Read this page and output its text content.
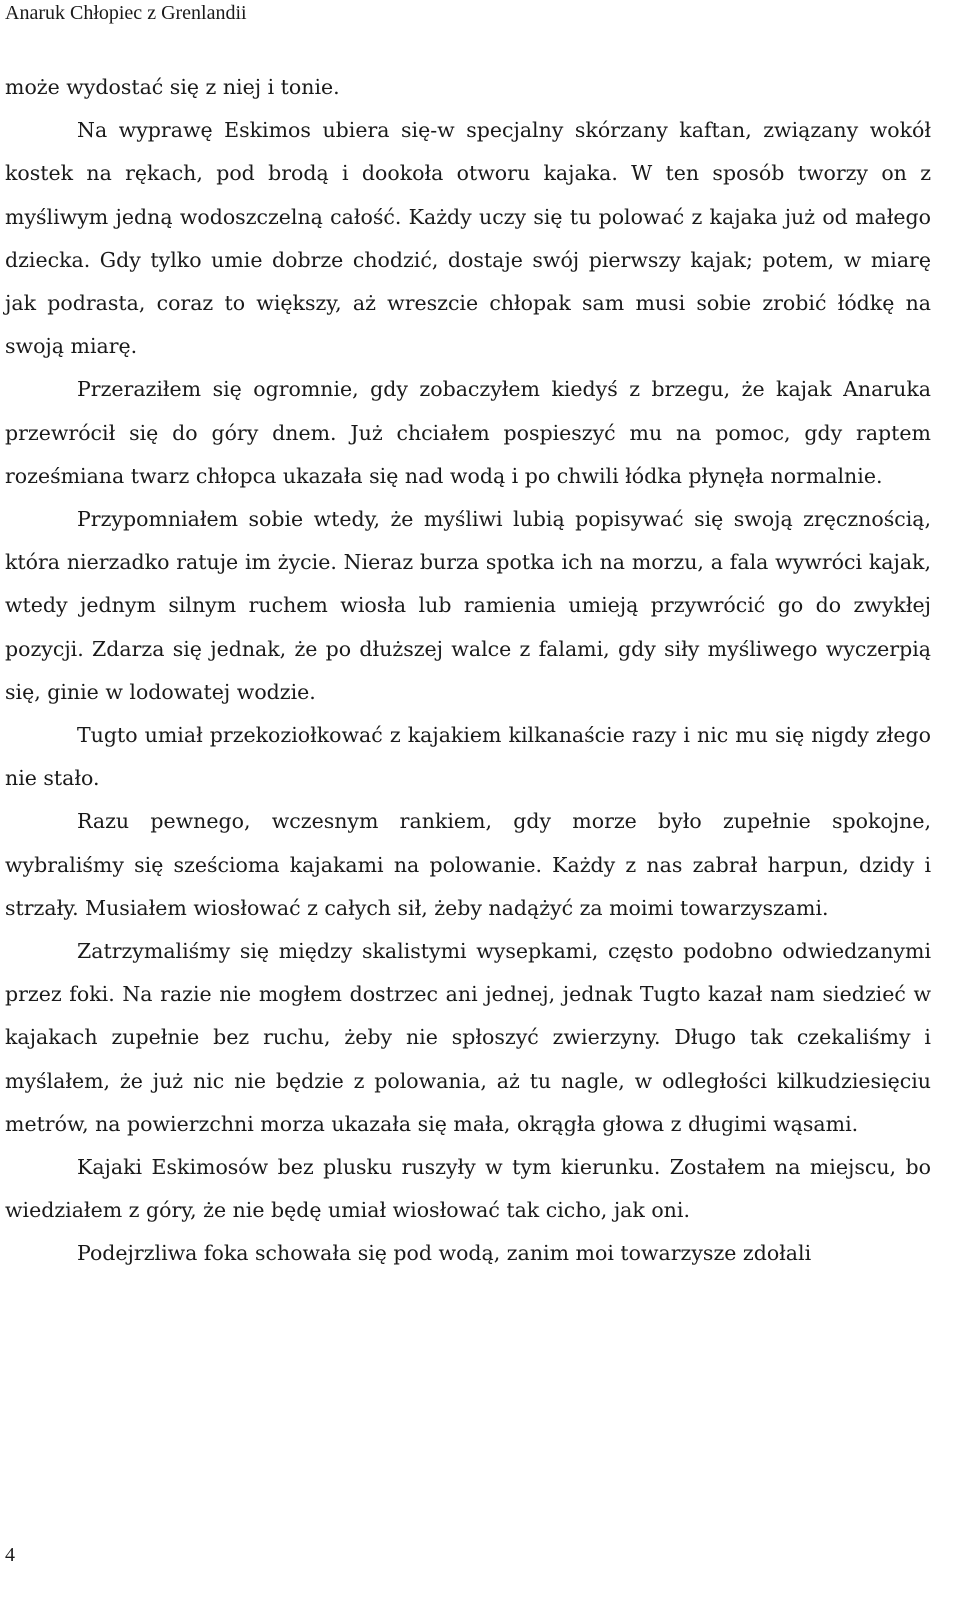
Anaruk Chłopiec z Grenlandii

może wydostać się z niej i tonie.

Na wyprawę Eskimos ubiera się-w specjalny skórzany kaftan, związany wokół kostek na rękach, pod brodą i dookoła otworu kajaka. W ten sposób tworzy on z myśliwym jedną wodoszczelną całość. Każdy uczy się tu polować z kajaka już od małego dziecka. Gdy tylko umie dobrze chodzić, dostaje swój pierwszy kajak; potem, w miarę jak podrasta, coraz to większy, aż wreszcie chłopak sam musi sobie zrobić łódkę na swoją miarę.

Przeraziłem się ogromnie, gdy zobaczyłem kiedyś z brzegu, że kajak Anaruka przewrócił się do góry dnem. Już chciałem pospieszyć mu na pomoc, gdy raptem roześmiana twarz chłopca ukazała się nad wodą i po chwili łódka płynęła normalnie.

Przypomniałem sobie wtedy, że myśliwi lubią popisywać się swoją zręcznością, która nierzadko ratuje im życie. Nieraz burza spotka ich na morzu, a fala wywróci kajak, wtedy jednym silnym ruchem wiosła lub ramienia umieją przywrócić go do zwykłej pozycji. Zdarza się jednak, że po dłuższej walce z falami, gdy siły myśliwego wyczerpią się, ginie w lodowatej wodzie.

Tugto umiał przekoziołkować z kajakiem kilkanaście razy i nic mu się nigdy złego nie stało.

Razu pewnego, wczesnym rankiem, gdy morze było zupełnie spokojne, wybraliśmy się sześcioma kajakami na polowanie. Każdy z nas zabrał harpun, dzidy i strzały. Musiałem wiosłować z całych sił, żeby nadążyć za moimi towarzyszami.

Zatrzymaliśmy się między skalistymi wysepkami, często podobno odwiedzanymi przez foki. Na razie nie mogłem dostrzec ani jednej, jednak Tugto kazał nam siedzieć w kajakach zupełnie bez ruchu, żeby nie spłoszyć zwierzyny. Długo tak czekaliśmy i myślałem, że już nic nie będzie z polowania, aż tu nagle, w odległości kilkudziesięciu metrów, na powierzchni morza ukazała się mała, okrągła głowa z długimi wąsami.

Kajaki Eskimosów bez plusku ruszyły w tym kierunku. Zostałem na miejscu, bo wiedziałem z góry, że nie będę umiał wiosłować tak cicho, jak oni.

Podejrzliwa foka schowała się pod wodą, zanim moi towarzysze zdołali

4
